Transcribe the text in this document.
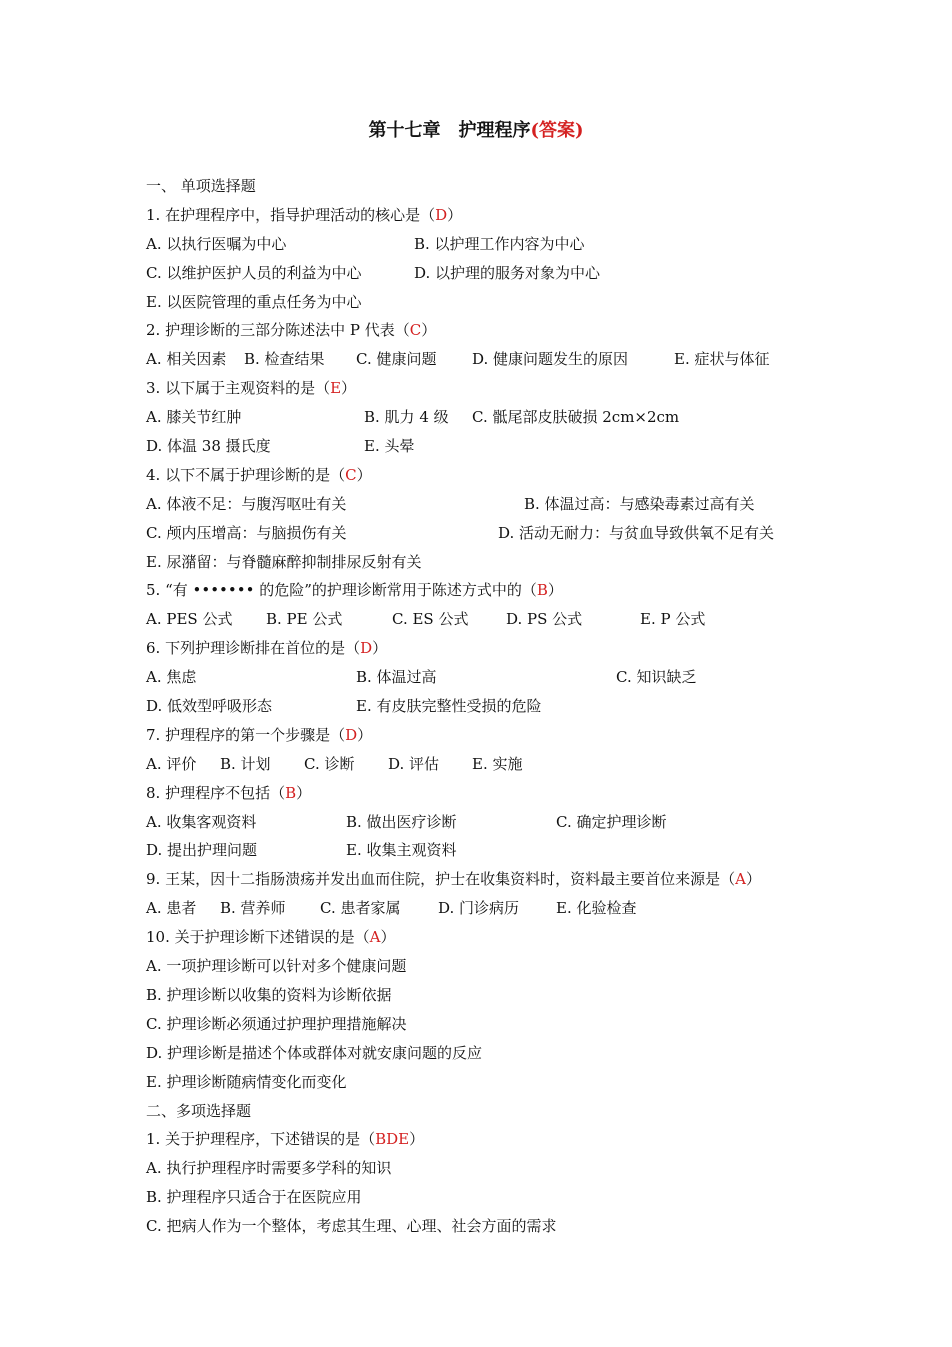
第十七章　护理程序(答案)
一、 单项选择题
1. 在护理程序中，指导护理活动的核心是（D）
A. 以执行医嘱为中心	B. 以护理工作内容为中心
C. 以维护医护人员的利益为中心	D. 以护理的服务对象为中心
E. 以医院管理的重点任务为中心
2. 护理诊断的三部分陈述法中 P 代表（C）
A. 相关因素 B. 检查结果 C. 健康问题 D. 健康问题发生的原因	E. 症状与体征
3. 以下属于主观资料的是（E）
A. 膝关节红肿	B. 肌力 4 级 C. 骶尾部皮肤破损 2cm×2cm
D. 体温 38 摄氏度	E. 头晕
4. 以下不属于护理诊断的是（C）
A. 体液不足：与腹泻呕吐有关	B. 体温过高：与感染毒素过高有关
C. 颅内压增高：与脑损伤有关	D. 活动无耐力：与贫血导致供氧不足有关
E. 尿潴留：与脊髓麻醉抑制排尿反射有关
5. “有 ••••••• 的危险”的护理诊断常用于陈述方式中的（B）
A. PES 公式 B. PE 公式	C. ES 公式	D. PS 公式	E. P 公式
6. 下列护理诊断排在首位的是（D）
A. 焦虑	B. 体温过高	C. 知识缺乏
D. 低效型呼吸形态	E. 有皮肤完整性受损的危险
7. 护理程序的第一个步骤是（D）
A. 评价 B. 计划 C. 诊断 D. 评估 E. 实施
8. 护理程序不包括（B）
A. 收集客观资料	B. 做出医疗诊断	C. 确定护理诊断
D. 提出护理问题	E. 收集主观资料
9. 王某，因十二指肠溃疡并发出血而住院，护士在收集资料时，资料最主要首位来源是（A）
A. 患者 B. 营养师 C. 患者家属	D. 门诊病历 E. 化验检查
10. 关于护理诊断下述错误的是（A）
A. 一项护理诊断可以针对多个健康问题
B. 护理诊断以收集的资料为诊断依据
C. 护理诊断必须通过护理护理措施解决
D. 护理诊断是描述个体或群体对就安康问题的反应
E. 护理诊断随病情变化而变化
二、多项选择题
1. 关于护理程序，下述错误的是（BDE）
A. 执行护理程序时需要多学科的知识
B. 护理程序只适合于在医院应用
C. 把病人作为一个整体，考虑其生理、心理、社会方面的需求
